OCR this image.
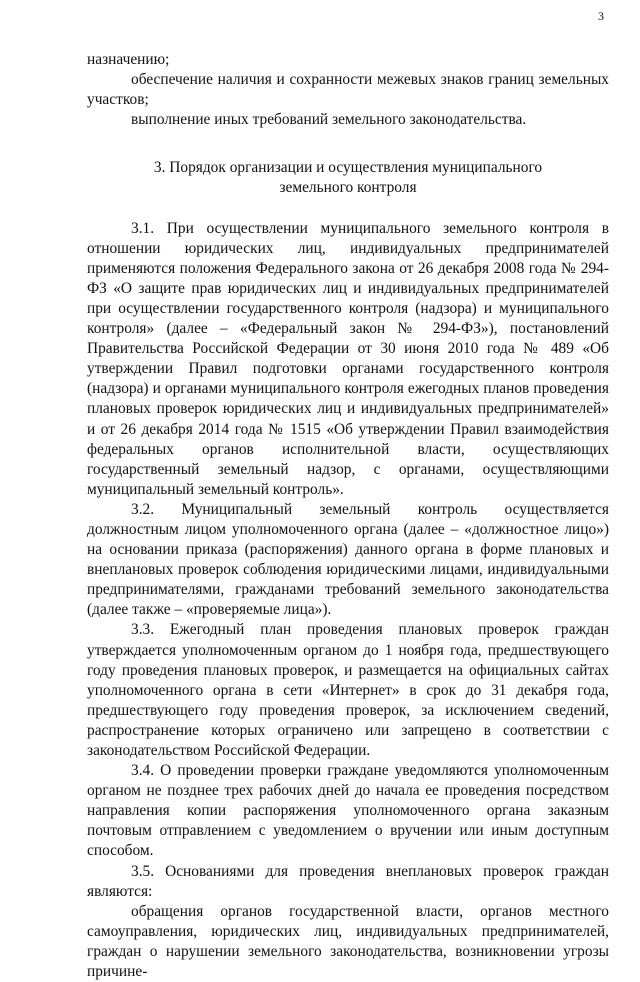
3

назначению;

обеспечение наличия и сохранности межевых знаков границ земельных участков;

выполнение иных требований земельного законодательства.

3. Порядок организации и осуществления муниципального земельного контроля

3.1. При осуществлении муниципального земельного контроля в отношении юридических лиц, индивидуальных предпринимателей применяются положения Федерального закона от 26 декабря 2008 года № 294-ФЗ «О защите прав юридических лиц и индивидуальных предпринимателей при осуществлении государственного контроля (надзора) и муниципального контроля» (далее – «Федеральный закон № 294-ФЗ»), постановлений Правительства Российской Федерации от 30 июня 2010 года № 489 «Об утверждении Правил подготовки органами государственного контроля (надзора) и органами муниципального контроля ежегодных планов проведения плановых проверок юридических лиц и индивидуальных предпринимателей» и от 26 декабря 2014 года № 1515 «Об утверждении Правил взаимодействия федеральных органов исполнительной власти, осуществляющих государственный земельный надзор, с органами, осуществляющими муниципальный земельный контроль».

3.2. Муниципальный земельный контроль осуществляется должностным лицом уполномоченного органа (далее – «должностное лицо») на основании приказа (распоряжения) данного органа в форме плановых и внеплановых проверок соблюдения юридическими лицами, индивидуальными предпринимателями, гражданами требований земельного законодательства (далее также – «проверяемые лица»).

3.3. Ежегодный план проведения плановых проверок граждан утверждается уполномоченным органом до 1 ноября года, предшествующего году проведения плановых проверок, и размещается на официальных сайтах уполномоченного органа в сети «Интернет» в срок до 31 декабря года, предшествующего году проведения проверок, за исключением сведений, распространение которых ограничено или запрещено в соответствии с законодательством Российской Федерации.

3.4. О проведении проверки граждане уведомляются уполномоченным органом не позднее трех рабочих дней до начала ее проведения посредством направления копии распоряжения уполномоченного органа заказным почтовым отправлением с уведомлением о вручении или иным доступным способом.

3.5. Основаниями для проведения внеплановых проверок граждан являются:

обращения органов государственной власти, органов местного самоуправления, юридических лиц, индивидуальных предпринимателей, граждан о нарушении земельного законодательства, возникновении угрозы причине-
